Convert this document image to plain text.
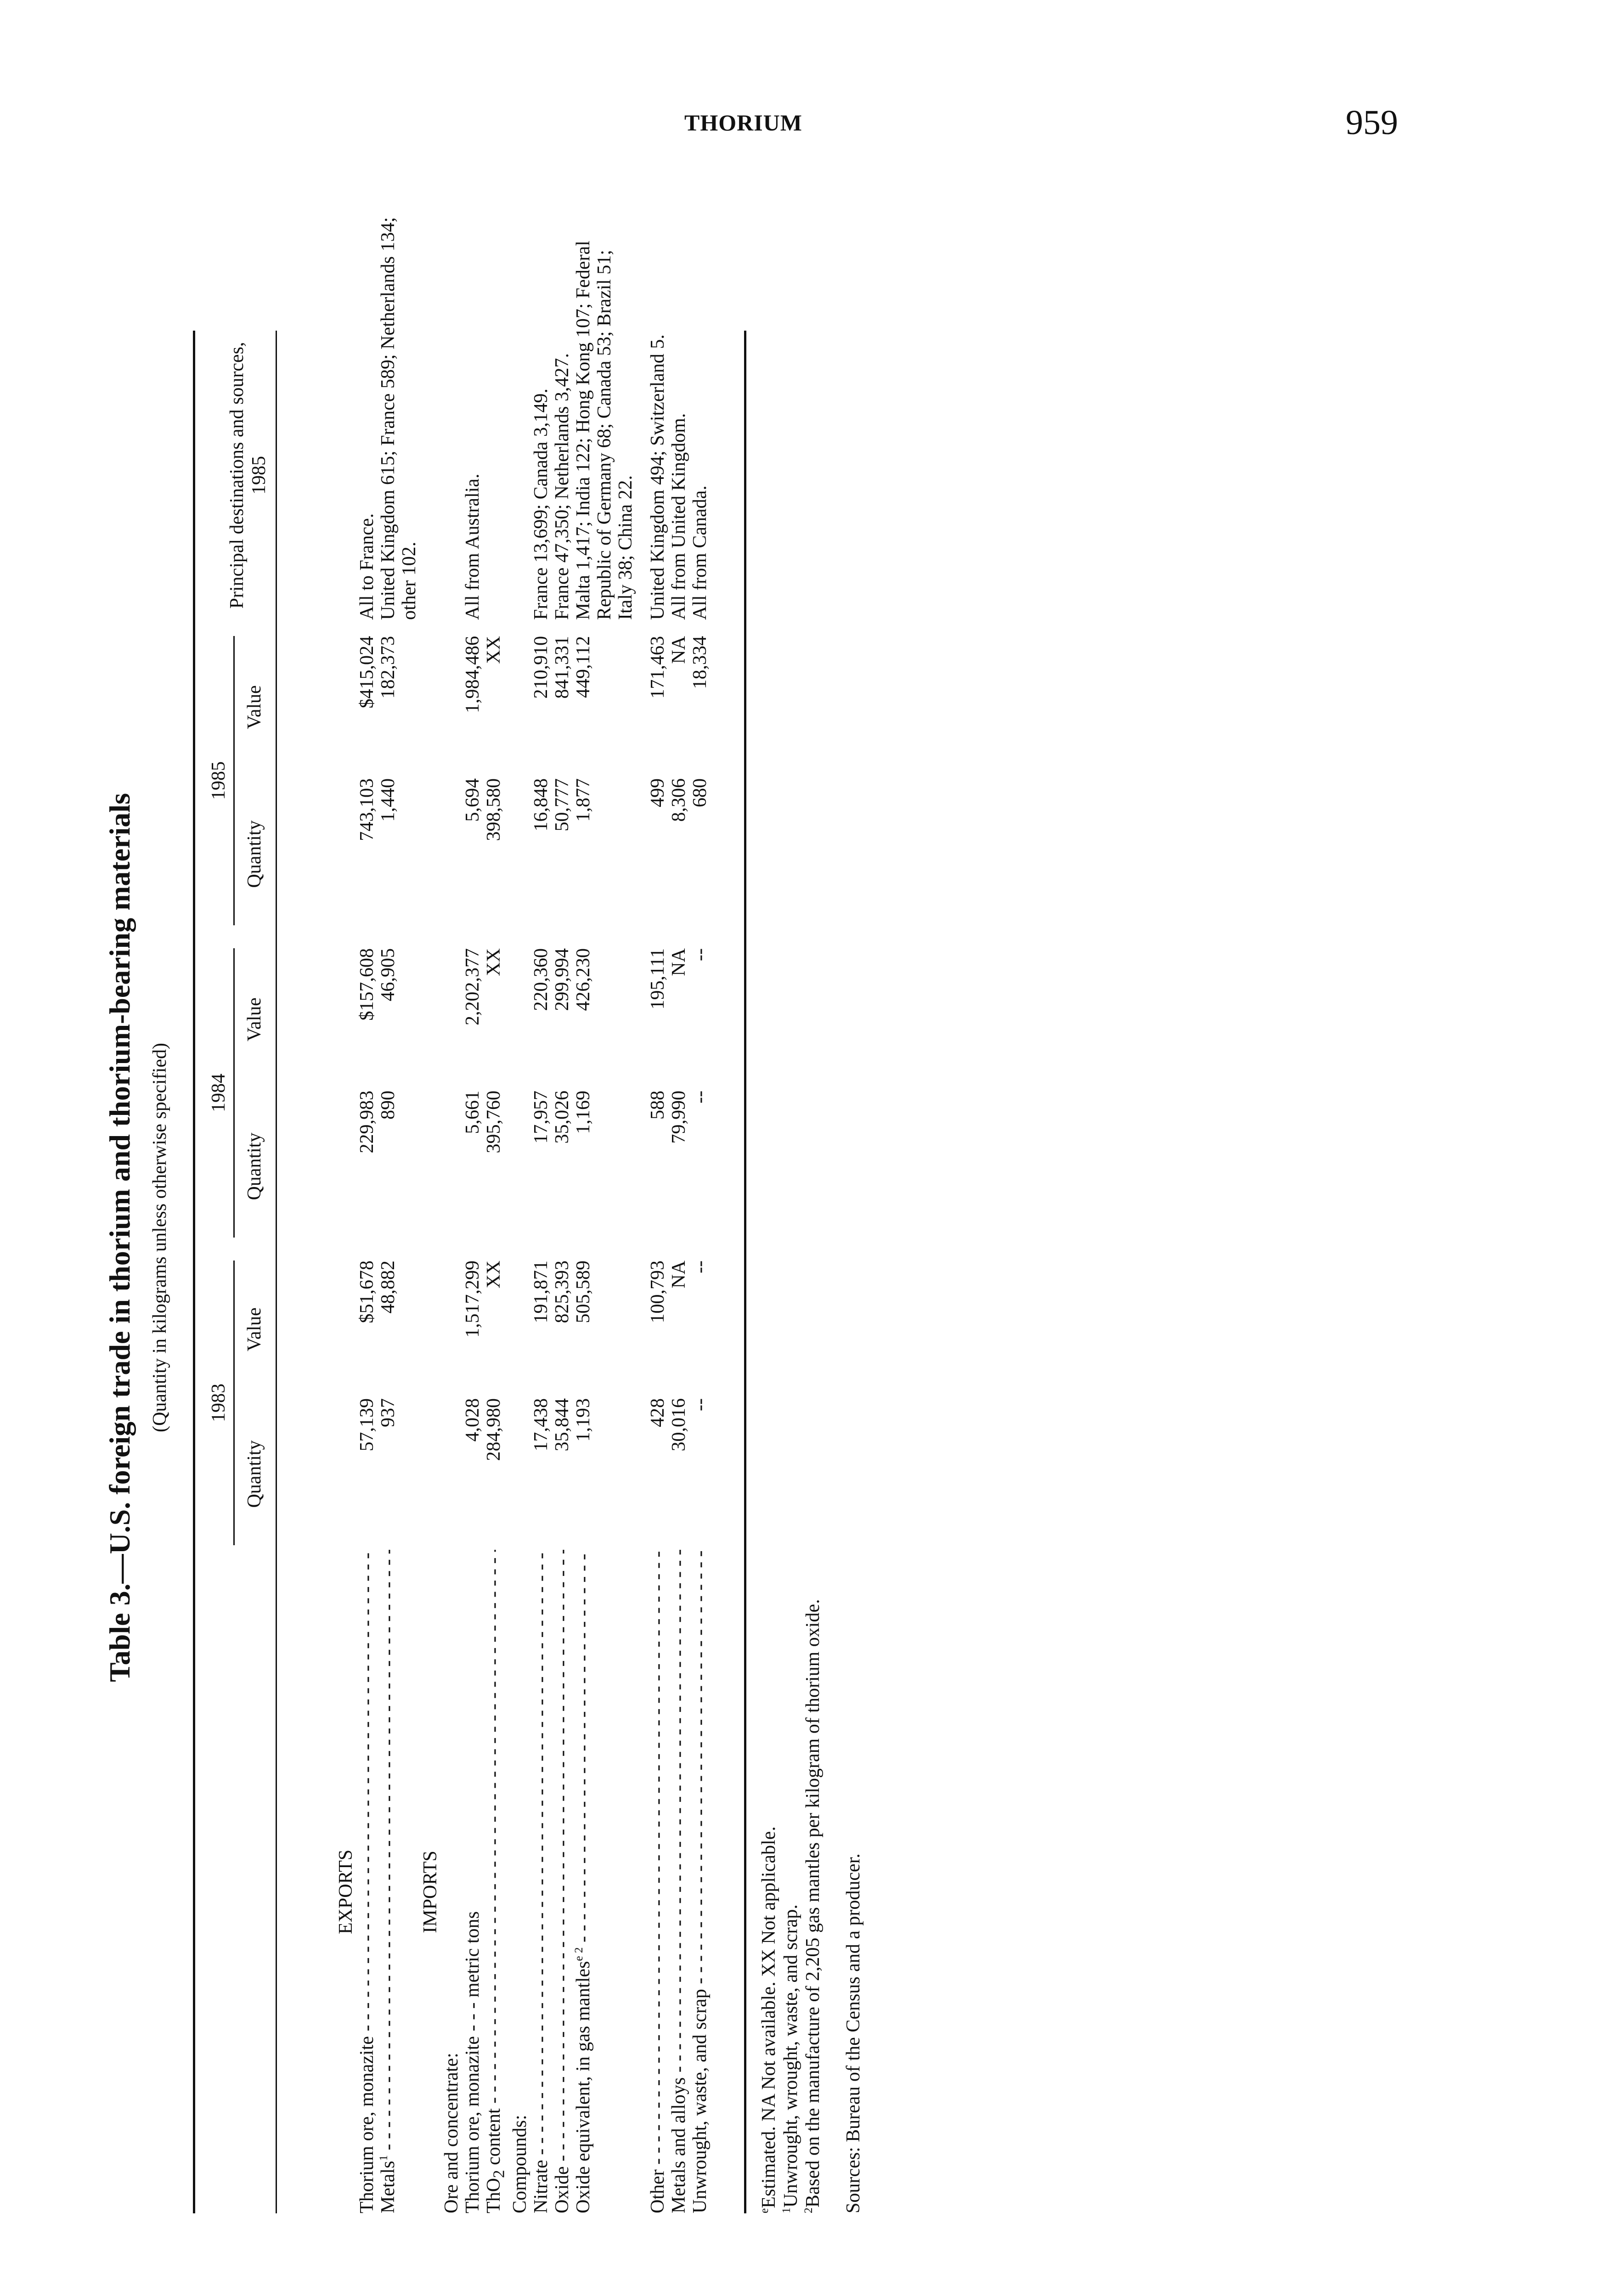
THORIUM	959
Table 3.—U.S. foreign trade in thorium and thorium-bearing materials (Quantity in kilograms unless otherwise specified) 1983
1984
1985
Quantity
Value
Quantity
Value
Quantity
Value
Principal destinations and sources, 1985
EXPORTS										
Thorium ore, monazite - - -	57,139	$51,678		229,983	$157,608		743,103	$415,024		All to France.
Metals$^1$ - - -	937	48,882		890	46,905		1,440	182,373		United Kingdom 615; France 589; Netherlands 134;
										other 102.
IMPORTS										
Ore and concentrate:										
Thorium ore, monazite - - - metric tons	4,028	1,517,299		5,661	2,202,377		5,694	1,984,486		All from Australia.
ThO$_2$ content - - -	284,980	XX		395,760	XX		398,580	XX		
Compounds:										
Nitrate - - -	17,438	191,871		17,957	220,360		16,848	210,910		France 13,699; Canada 3,149.
Oxide - - -	35,844	825,393		35,026	299,994		50,777	841,331		France 47,350; Netherlands 3,427.
Oxide equivalent, in gas mantles$^{e 2}$ - - -	1,193	505,589		1,169	426,230		1,877	449,112		Malta 1,417; India 122; Hong Kong 107; Federal
										Republic of Germany 68; Canada 53; Brazil 51;
										Italy 38; China 22.

Other - - -	428	100,793		588	195,111		499	171,463		United Kingdom 494; Switzerland 5.
Metals and alloys - - -	30,016	NA		79,990	NA		8,306	NA		All from United Kingdom.
Unwrought, waste, and scrap - - -	--	--		--	--		680	18,334		All from Canada.
$^e$Estimated. NA Not available. XX Not applicable.
$^1$Unwrought, wrought, waste, and scrap.
$^2$Based on the manufacture of 2,205 gas mantles per kilogram of thorium oxide. Sources: Bureau of the Census and a producer.
